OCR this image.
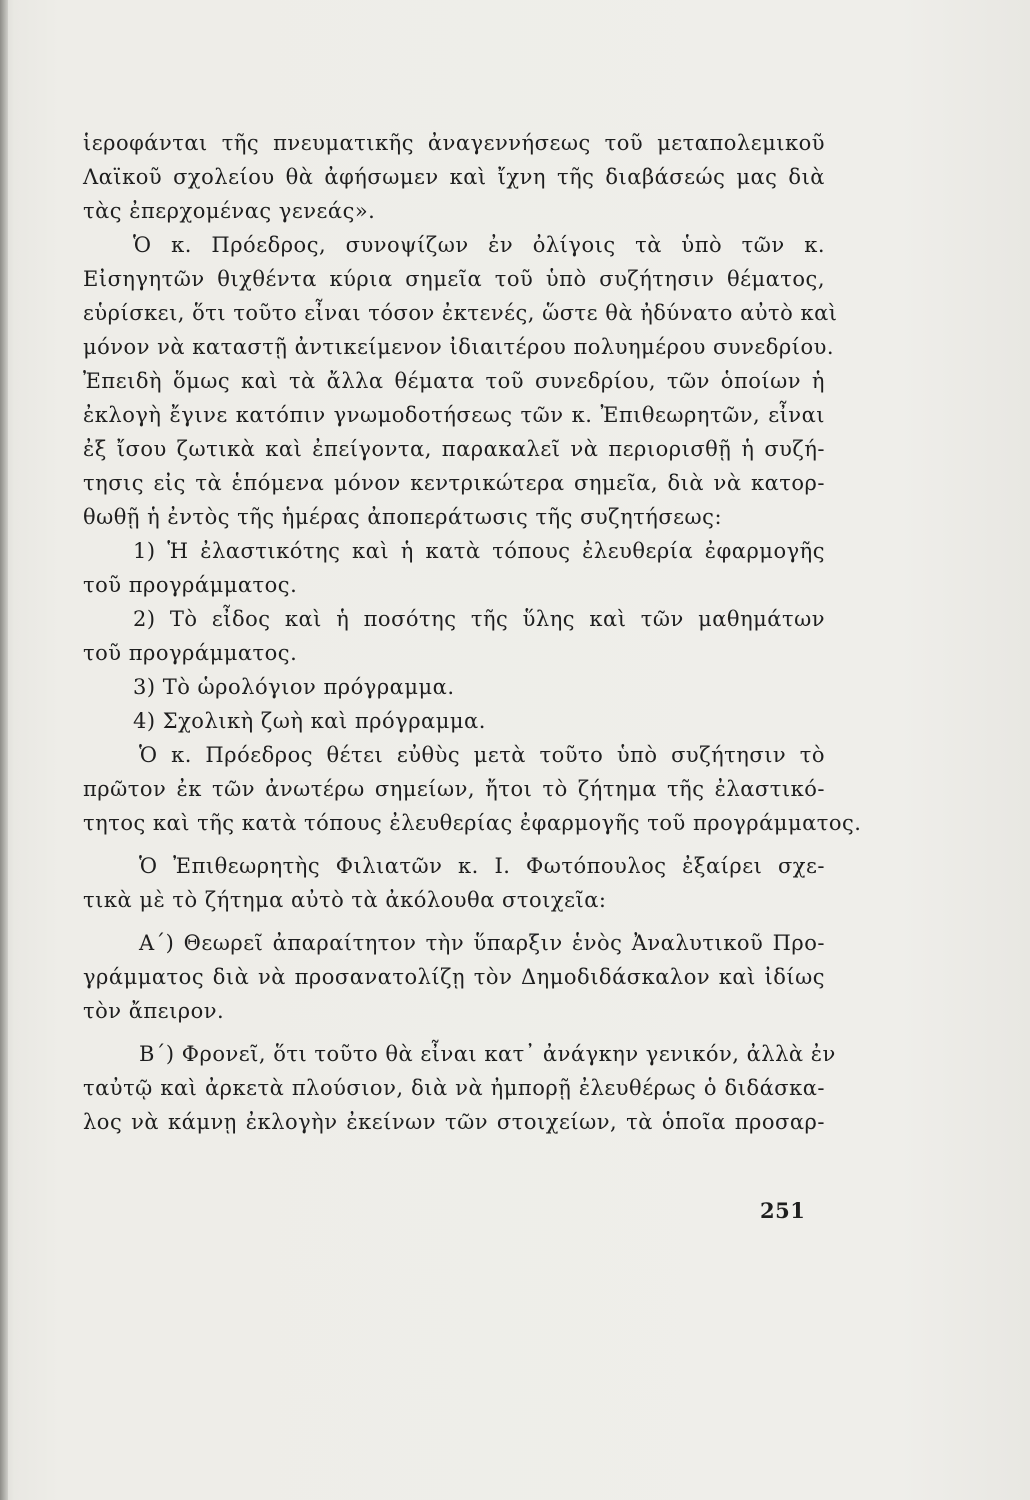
ἱεροφάνται τῆς πνευματικῆς ἀναγεννήσεως τοῦ μεταπολεμικοῦ
Λαϊκοῦ σχολείου θὰ ἀφήσωμεν καὶ ἴχνη τῆς διαβάσεώς μας διὰ
τὰς ἐπερχομένας γενεάς».
Ὁ κ. Πρόεδρος, συνοψίζων ἐν ὀλίγοις τὰ ὑπὸ τῶν κ.
Εἰσηγητῶν θιχθέντα κύρια σημεῖα τοῦ ὑπὸ συζήτησιν θέματος,
εὑρίσκει, ὅτι τοῦτο εἶναι τόσον ἐκτενές, ὥστε θὰ ἠδύνατο αὐτὸ καὶ
μόνον νὰ καταστῇ ἀντικείμενον ἰδιαιτέρου πολυημέρου συνεδρίου.
Ἐπειδὴ ὅμως καὶ τὰ ἄλλα θέματα τοῦ συνεδρίου, τῶν ὁποίων ἡ
ἐκλογὴ ἔγινε κατόπιν γνωμοδοτήσεως τῶν κ. Ἐπιθεωρητῶν, εἶναι
ἐξ ἴσου ζωτικὰ καὶ ἐπείγοντα, παρακαλεῖ νὰ περιορισθῇ ἡ συζή-
τησις εἰς τὰ ἑπόμενα μόνον κεντρικώτερα σημεῖα, διὰ νὰ κατορ-
θωθῇ ἡ ἐντὸς τῆς ἡμέρας ἀποπεράτωσις τῆς συζητήσεως:
1) Ἡ ἐλαστικότης καὶ ἡ κατὰ τόπους ἐλευθερία ἐφαρμογῆς
τοῦ προγράμματος.
2) Τὸ εἶδος καὶ ἡ ποσότης τῆς ὕλης καὶ τῶν μαθημάτων
τοῦ προγράμματος.
3) Τὸ ὡρολόγιον πρόγραμμα.
4) Σχολικὴ ζωὴ καὶ πρόγραμμα.
Ὁ κ. Πρόεδρος θέτει εὐθὺς μετὰ τοῦτο ὑπὸ συζήτησιν τὸ
πρῶτον ἐκ τῶν ἀνωτέρω σημείων, ἤτοι τὸ ζήτημα τῆς ἐλαστικό-
τητος καὶ τῆς κατὰ τόπους ἐλευθερίας ἐφαρμογῆς τοῦ προγράμματος.
Ὁ Ἐπιθεωρητὴς Φιλιατῶν κ. Ι. Φωτόπουλος ἐξαίρει σχε-
τικὰ μὲ τὸ ζήτημα αὐτὸ τὰ ἀκόλουθα στοιχεῖα:
Α΄) Θεωρεῖ ἀπαραίτητον τὴν ὕπαρξιν ἑνὸς Ἀναλυτικοῦ Προ-
γράμματος διὰ νὰ προσανατολίζῃ τὸν Δημοδιδάσκαλον καὶ ἰδίως
τὸν ἄπειρον.
Β΄) Φρονεῖ, ὅτι τοῦτο θὰ εἶναι κατ᾽ ἀνάγκην γενικόν, ἀλλὰ ἐν
ταὐτῷ καὶ ἀρκετὰ πλούσιον, διὰ νὰ ἠμπορῇ ἐλευθέρως ὁ διδάσκα-
λος νὰ κάμνῃ ἐκλογὴν ἐκείνων τῶν στοιχείων, τὰ ὁποῖα προσαρ-
251
